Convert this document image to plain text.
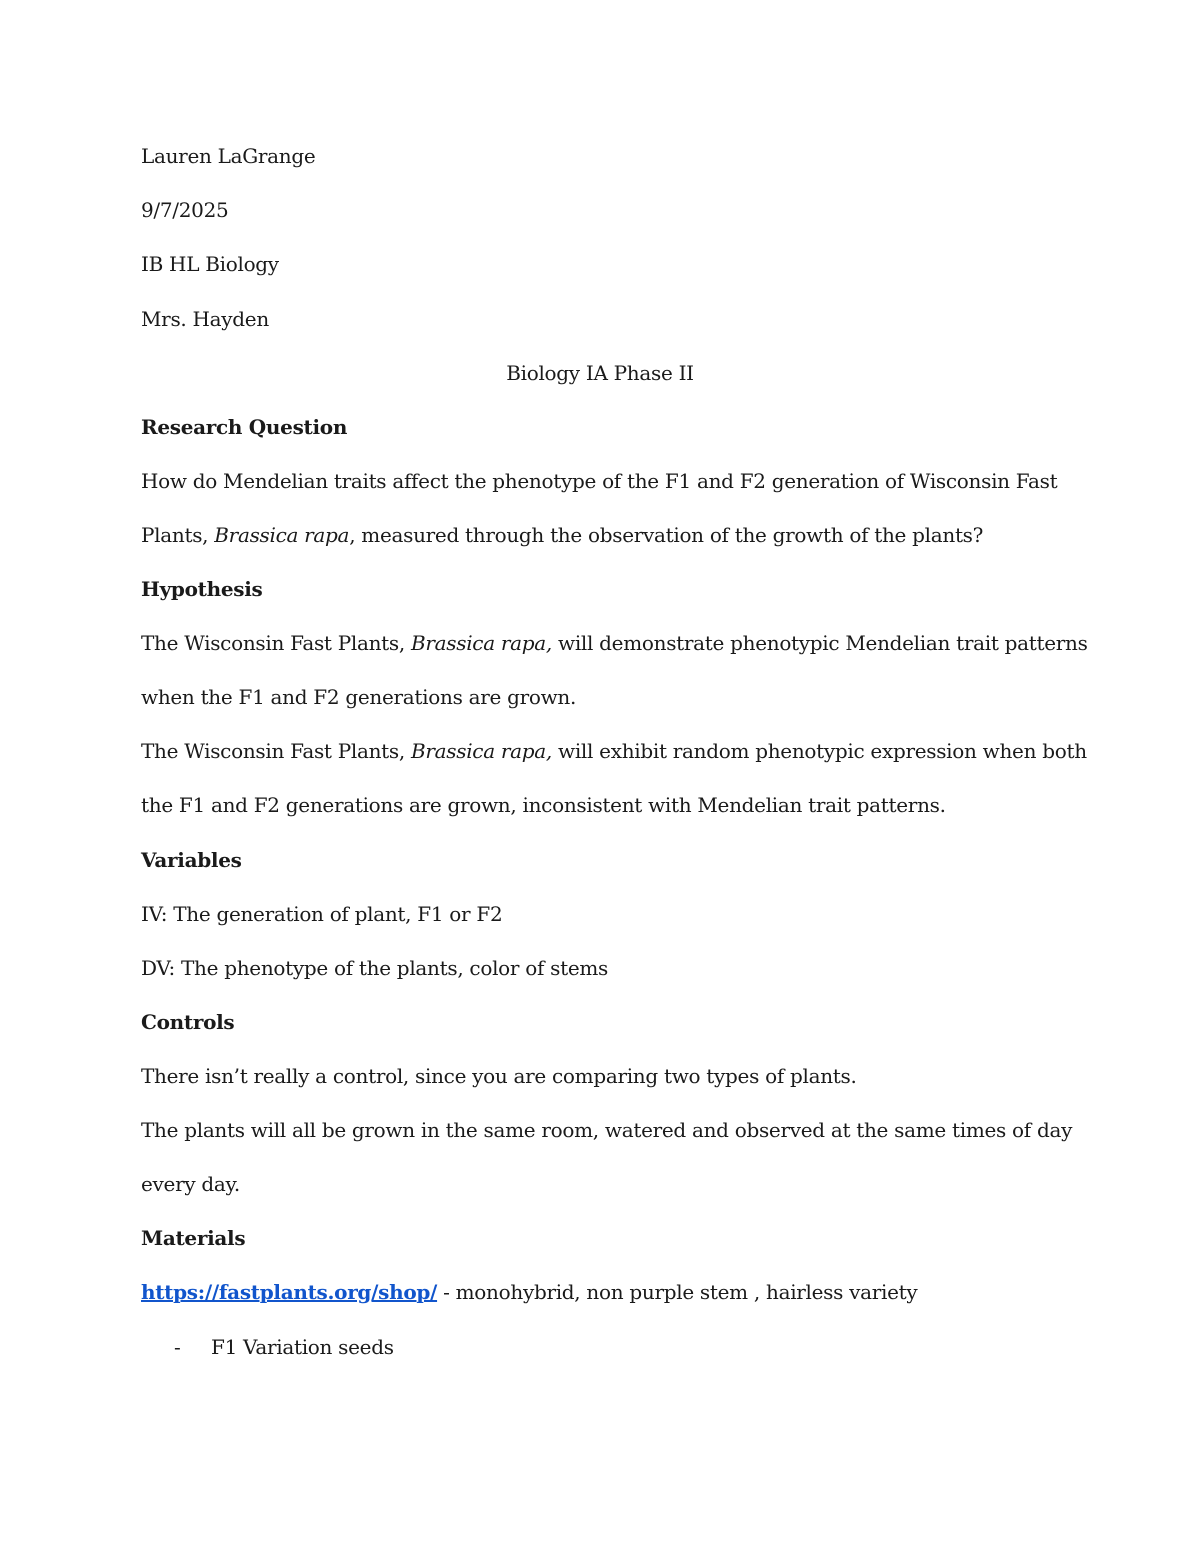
Lauren LaGrange
9/7/2025
IB HL Biology
Mrs. Hayden
Biology IA Phase II
Research Question
How do Mendelian traits affect the phenotype of the F1 and F2 generation of Wisconsin Fast
Plants, Brassica rapa, measured through the observation of the growth of the plants?
Hypothesis
The Wisconsin Fast Plants, Brassica rapa, will demonstrate phenotypic Mendelian trait patterns
when the F1 and F2 generations are grown.
The Wisconsin Fast Plants, Brassica rapa, will exhibit random phenotypic expression when both
the F1 and F2 generations are grown, inconsistent with Mendelian trait patterns.
Variables
IV: The generation of plant, F1 or F2
DV: The phenotype of the plants, color of stems
Controls
There isn’t really a control, since you are comparing two types of plants.
The plants will all be grown in the same room, watered and observed at the same times of day
every day.
Materials
https://fastplants.org/shop/ - monohybrid, non purple stem , hairless variety
- F1 Variation seeds
